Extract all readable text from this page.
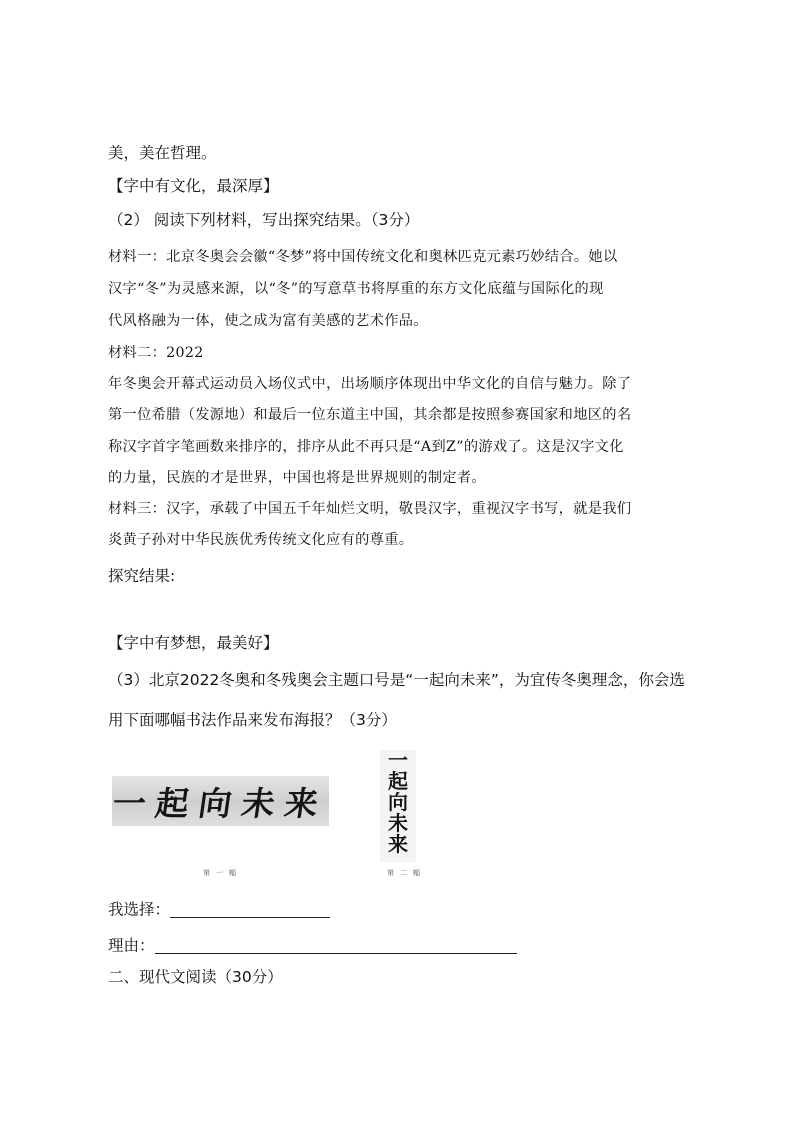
美，美在哲理。
【字中有文化，最深厚】
（2） 阅读下列材料，写出探究结果。（3分）
材料一：北京冬奥会会徽“冬梦”将中国传统文化和奥林匹克元素巧妙结合。她以
汉字“冬”为灵感来源，以“冬”的写意草书将厚重的东方文化底蕴与国际化的现
代风格融为一体，使之成为富有美感的艺术作品。
材料二：2022
年冬奥会开幕式运动员入场仪式中，出场顺序体现出中华文化的自信与魅力。除了
第一位希腊（发源地）和最后一位东道主中国，其余都是按照参赛国家和地区的名
称汉字首字笔画数来排序的，排序从此不再只是“A到Z”的游戏了。这是汉字文化
的力量，民族的才是世界，中国也将是世界规则的制定者。
材料三：汉字，承载了中国五千年灿烂文明，敬畏汉字，重视汉字书写，就是我们
炎黄子孙对中华民族优秀传统文化应有的尊重。
探究结果:
【字中有梦想，最美好】
（3）北京2022冬奥和冬残奥会主题口号是“一起向未来”，为宜传冬奥理念，你会选
用下面哪幅书法作品来发布海报？（3分）
一起向未来
第一幅
一
起
向
未
来
第二幅
我选择：
理由：
二、现代文阅读（30分）
